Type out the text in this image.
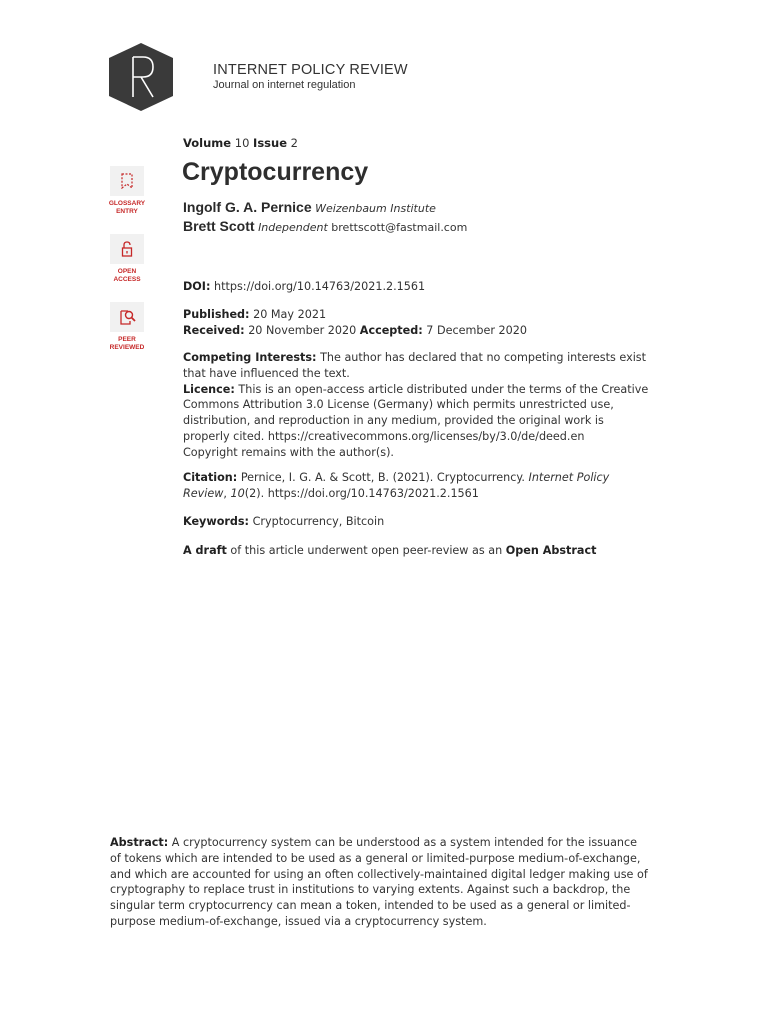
INTERNET POLICY REVIEW
Journal on internet regulation
GLOSSARY
ENTRY
OPEN
ACCESS
PEER
REVIEWED
Volume 10 Issue 2
Cryptocurrency
Ingolf G. A. Pernice Weizenbaum Institute
Brett Scott Independent brettscott@fastmail.com
DOI: https://doi.org/10.14763/2021.2.1561
Published: 20 May 2021
Received: 20 November 2020 Accepted: 7 December 2020
Competing Interests: The author has declared that no competing interests exist that have influenced the text.
Licence: This is an open-access article distributed under the terms of the Creative Commons Attribution 3.0 License (Germany) which permits unrestricted use, distribution, and reproduction in any medium, provided the original work is properly cited. https://creativecommons.org/licenses/by/3.0/de/deed.en
Copyright remains with the author(s).
Citation: Pernice, I. G. A. & Scott, B. (2021). Cryptocurrency. Internet Policy Review, 10(2). https://doi.org/10.14763/2021.2.1561
Keywords: Cryptocurrency, Bitcoin
A draft of this article underwent open peer-review as an Open Abstract
Abstract: A cryptocurrency system can be understood as a system intended for the issuance of tokens which are intended to be used as a general or limited-purpose medium-of-exchange, and which are accounted for using an often collectively-maintained digital ledger making use of cryptography to replace trust in institutions to varying extents. Against such a backdrop, the singular term cryptocurrency can mean a token, intended to be used as a general or limited-purpose medium-of-exchange, issued via a cryptocurrency system.
